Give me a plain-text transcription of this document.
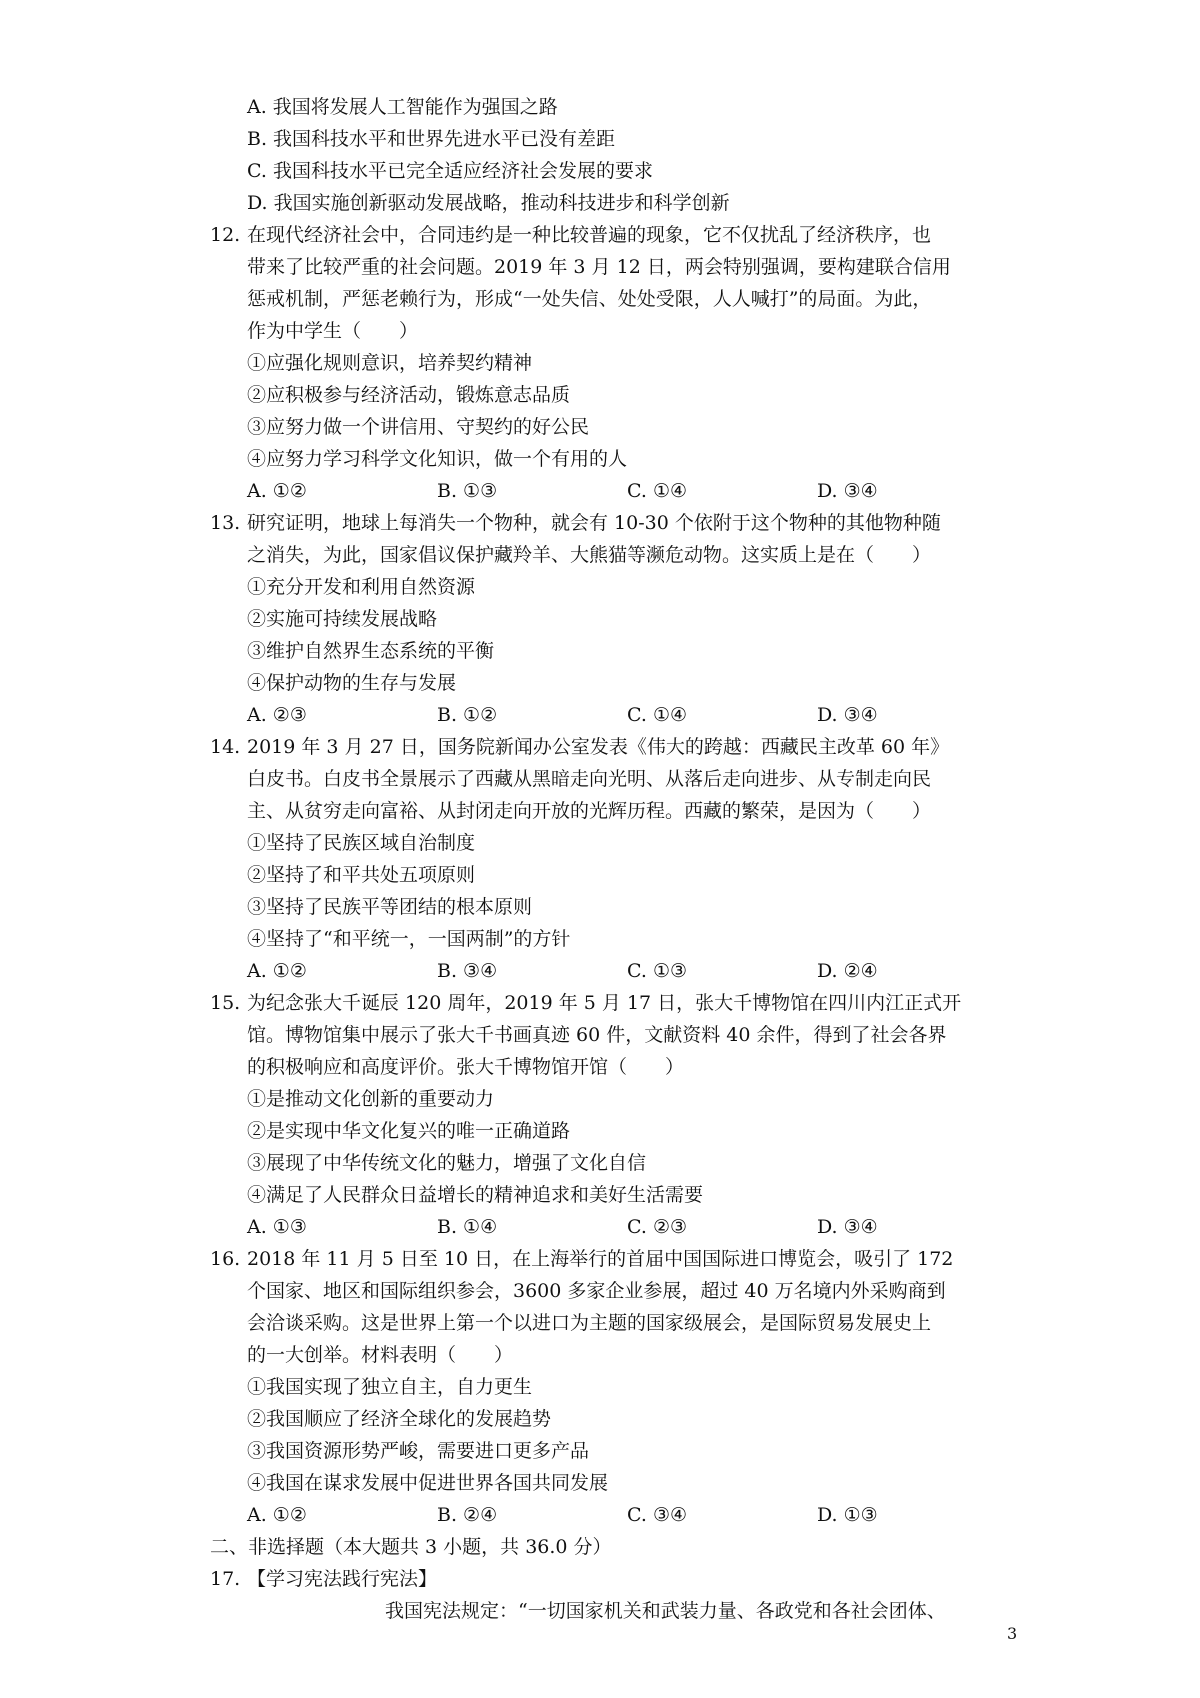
A. 我国将发展人工智能作为强国之路
B. 我国科技水平和世界先进水平已没有差距
C. 我国科技水平已完全适应经济社会发展的要求
D. 我国实施创新驱动发展战略，推动科技进步和科学创新
12. 在现代经济社会中，合同违约是一种比较普遍的现象，它不仅扰乱了经济秩序，也
带来了比较严重的社会问题。2019 年 3 月 12 日，两会特别强调，要构建联合信用
惩戒机制，严惩老赖行为，形成“一处失信、处处受限，人人喊打”的局面。为此，
作为中学生（　　）
①应强化规则意识，培养契约精神
②应积极参与经济活动，锻炼意志品质
③应努力做一个讲信用、守契约的好公民
④应努力学习科学文化知识，做一个有用的人
A. ①②	B. ①③	C. ①④	D. ③④
13. 研究证明，地球上每消失一个物种，就会有 10-30 个依附于这个物种的其他物种随
之消失，为此，国家倡议保护藏羚羊、大熊猫等濒危动物。这实质上是在（　　）
①充分开发和利用自然资源
②实施可持续发展战略
③维护自然界生态系统的平衡
④保护动物的生存与发展
A. ②③	B. ①②	C. ①④	D. ③④
14. 2019 年 3 月 27 日，国务院新闻办公室发表《伟大的跨越：西藏民主改革 60 年》
白皮书。白皮书全景展示了西藏从黑暗走向光明、从落后走向进步、从专制走向民
主、从贫穷走向富裕、从封闭走向开放的光辉历程。西藏的繁荣，是因为（　　）
①坚持了民族区域自治制度
②坚持了和平共处五项原则
③坚持了民族平等团结的根本原则
④坚持了“和平统一，一国两制”的方针
A. ①②	B. ③④	C. ①③	D. ②④
15. 为纪念张大千诞辰 120 周年，2019 年 5 月 17 日，张大千博物馆在四川内江正式开
馆。博物馆集中展示了张大千书画真迹 60 件，文献资料 40 余件，得到了社会各界
的积极响应和高度评价。张大千博物馆开馆（　　）
①是推动文化创新的重要动力
②是实现中华文化复兴的唯一正确道路
③展现了中华传统文化的魅力，增强了文化自信
④满足了人民群众日益增长的精神追求和美好生活需要
A. ①③	B. ①④	C. ②③	D. ③④
16. 2018 年 11 月 5 日至 10 日，在上海举行的首届中国国际进口博览会，吸引了 172
个国家、地区和国际组织参会，3600 多家企业参展，超过 40 万名境内外采购商到
会洽谈采购。这是世界上第一个以进口为主题的国家级展会，是国际贸易发展史上
的一大创举。材料表明（　　）
①我国实现了独立自主，自力更生
②我国顺应了经济全球化的发展趋势
③我国资源形势严峻，需要进口更多产品
④我国在谋求发展中促进世界各国共同发展
A. ①②	B. ②④	C. ③④	D. ①③
二、非选择题（本大题共 3 小题，共 36.0 分）
17. 【学习宪法践行宪法】
我国宪法规定：“一切国家机关和武装力量、各政党和各社会团体、
3
